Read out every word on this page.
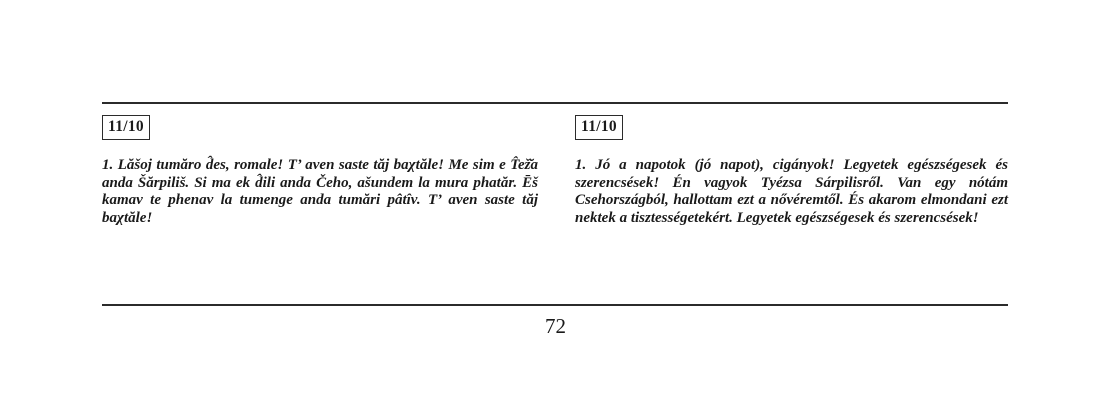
11/10

1. Lăšoj tumăro d̂es, romale! T’ aven saste tăj baχtăle! Me sim e T̂ež̆a anda Šărpiliš. Si ma ek d̂ili anda Čeho, ašundem la mura phatăr. Ēš kamav te phenav la tumenge anda tumări pâtîv. T’ aven saste tăj baχtăle!

11/10

1. Jó a napotok (jó napot), cigányok! Legyetek egészségesek és szerencsések! Én vagyok Tyézsa Sárpilisről. Van egy nótám Csehországból, hallottam ezt a nővéremtől. És akarom elmondani ezt nektek a tisztességetekért. Legyetek egészségesek és szerencsések!

72
